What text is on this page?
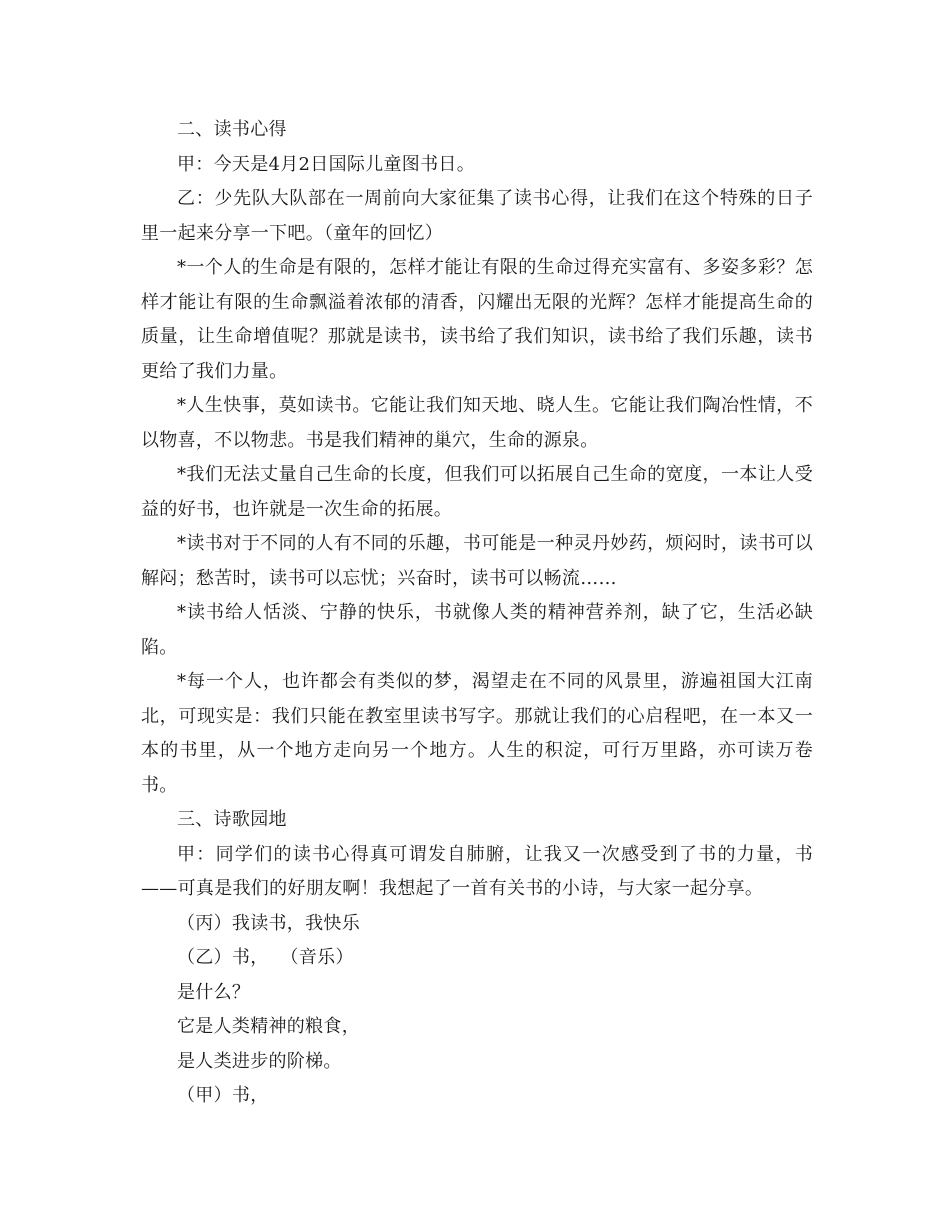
二、读书心得

甲：今天是4月2日国际儿童图书日。

乙：少先队大队部在一周前向大家征集了读书心得，让我们在这个特殊的日子里一起来分享一下吧。（童年的回忆）

*一个人的生命是有限的，怎样才能让有限的生命过得充实富有、多姿多彩？怎样才能让有限的生命飘溢着浓郁的清香，闪耀出无限的光辉？怎样才能提高生命的质量，让生命增值呢？那就是读书，读书给了我们知识，读书给了我们乐趣，读书更给了我们力量。

*人生快事，莫如读书。它能让我们知天地、晓人生。它能让我们陶冶性情，不以物喜，不以物悲。书是我们精神的巢穴，生命的源泉。

*我们无法丈量自己生命的长度，但我们可以拓展自己生命的宽度，一本让人受益的好书，也许就是一次生命的拓展。

*读书对于不同的人有不同的乐趣，书可能是一种灵丹妙药，烦闷时，读书可以解闷；愁苦时，读书可以忘忧；兴奋时，读书可以畅流……

*读书给人恬淡、宁静的快乐，书就像人类的精神营养剂，缺了它，生活必缺陷。

*每一个人，也许都会有类似的梦，渴望走在不同的风景里，游遍祖国大江南北，可现实是：我们只能在教室里读书写字。那就让我们的心启程吧，在一本又一本的书里，从一个地方走向另一个地方。人生的积淀，可行万里路，亦可读万卷书。

三、诗歌园地

甲：同学们的读书心得真可谓发自肺腑，让我又一次感受到了书的力量，书——可真是我们的好朋友啊！我想起了一首有关书的小诗，与大家一起分享。

（丙）我读书，我快乐

（乙）书，  （音乐）

是什么？

它是人类精神的粮食，

是人类进步的阶梯。

（甲）书，
